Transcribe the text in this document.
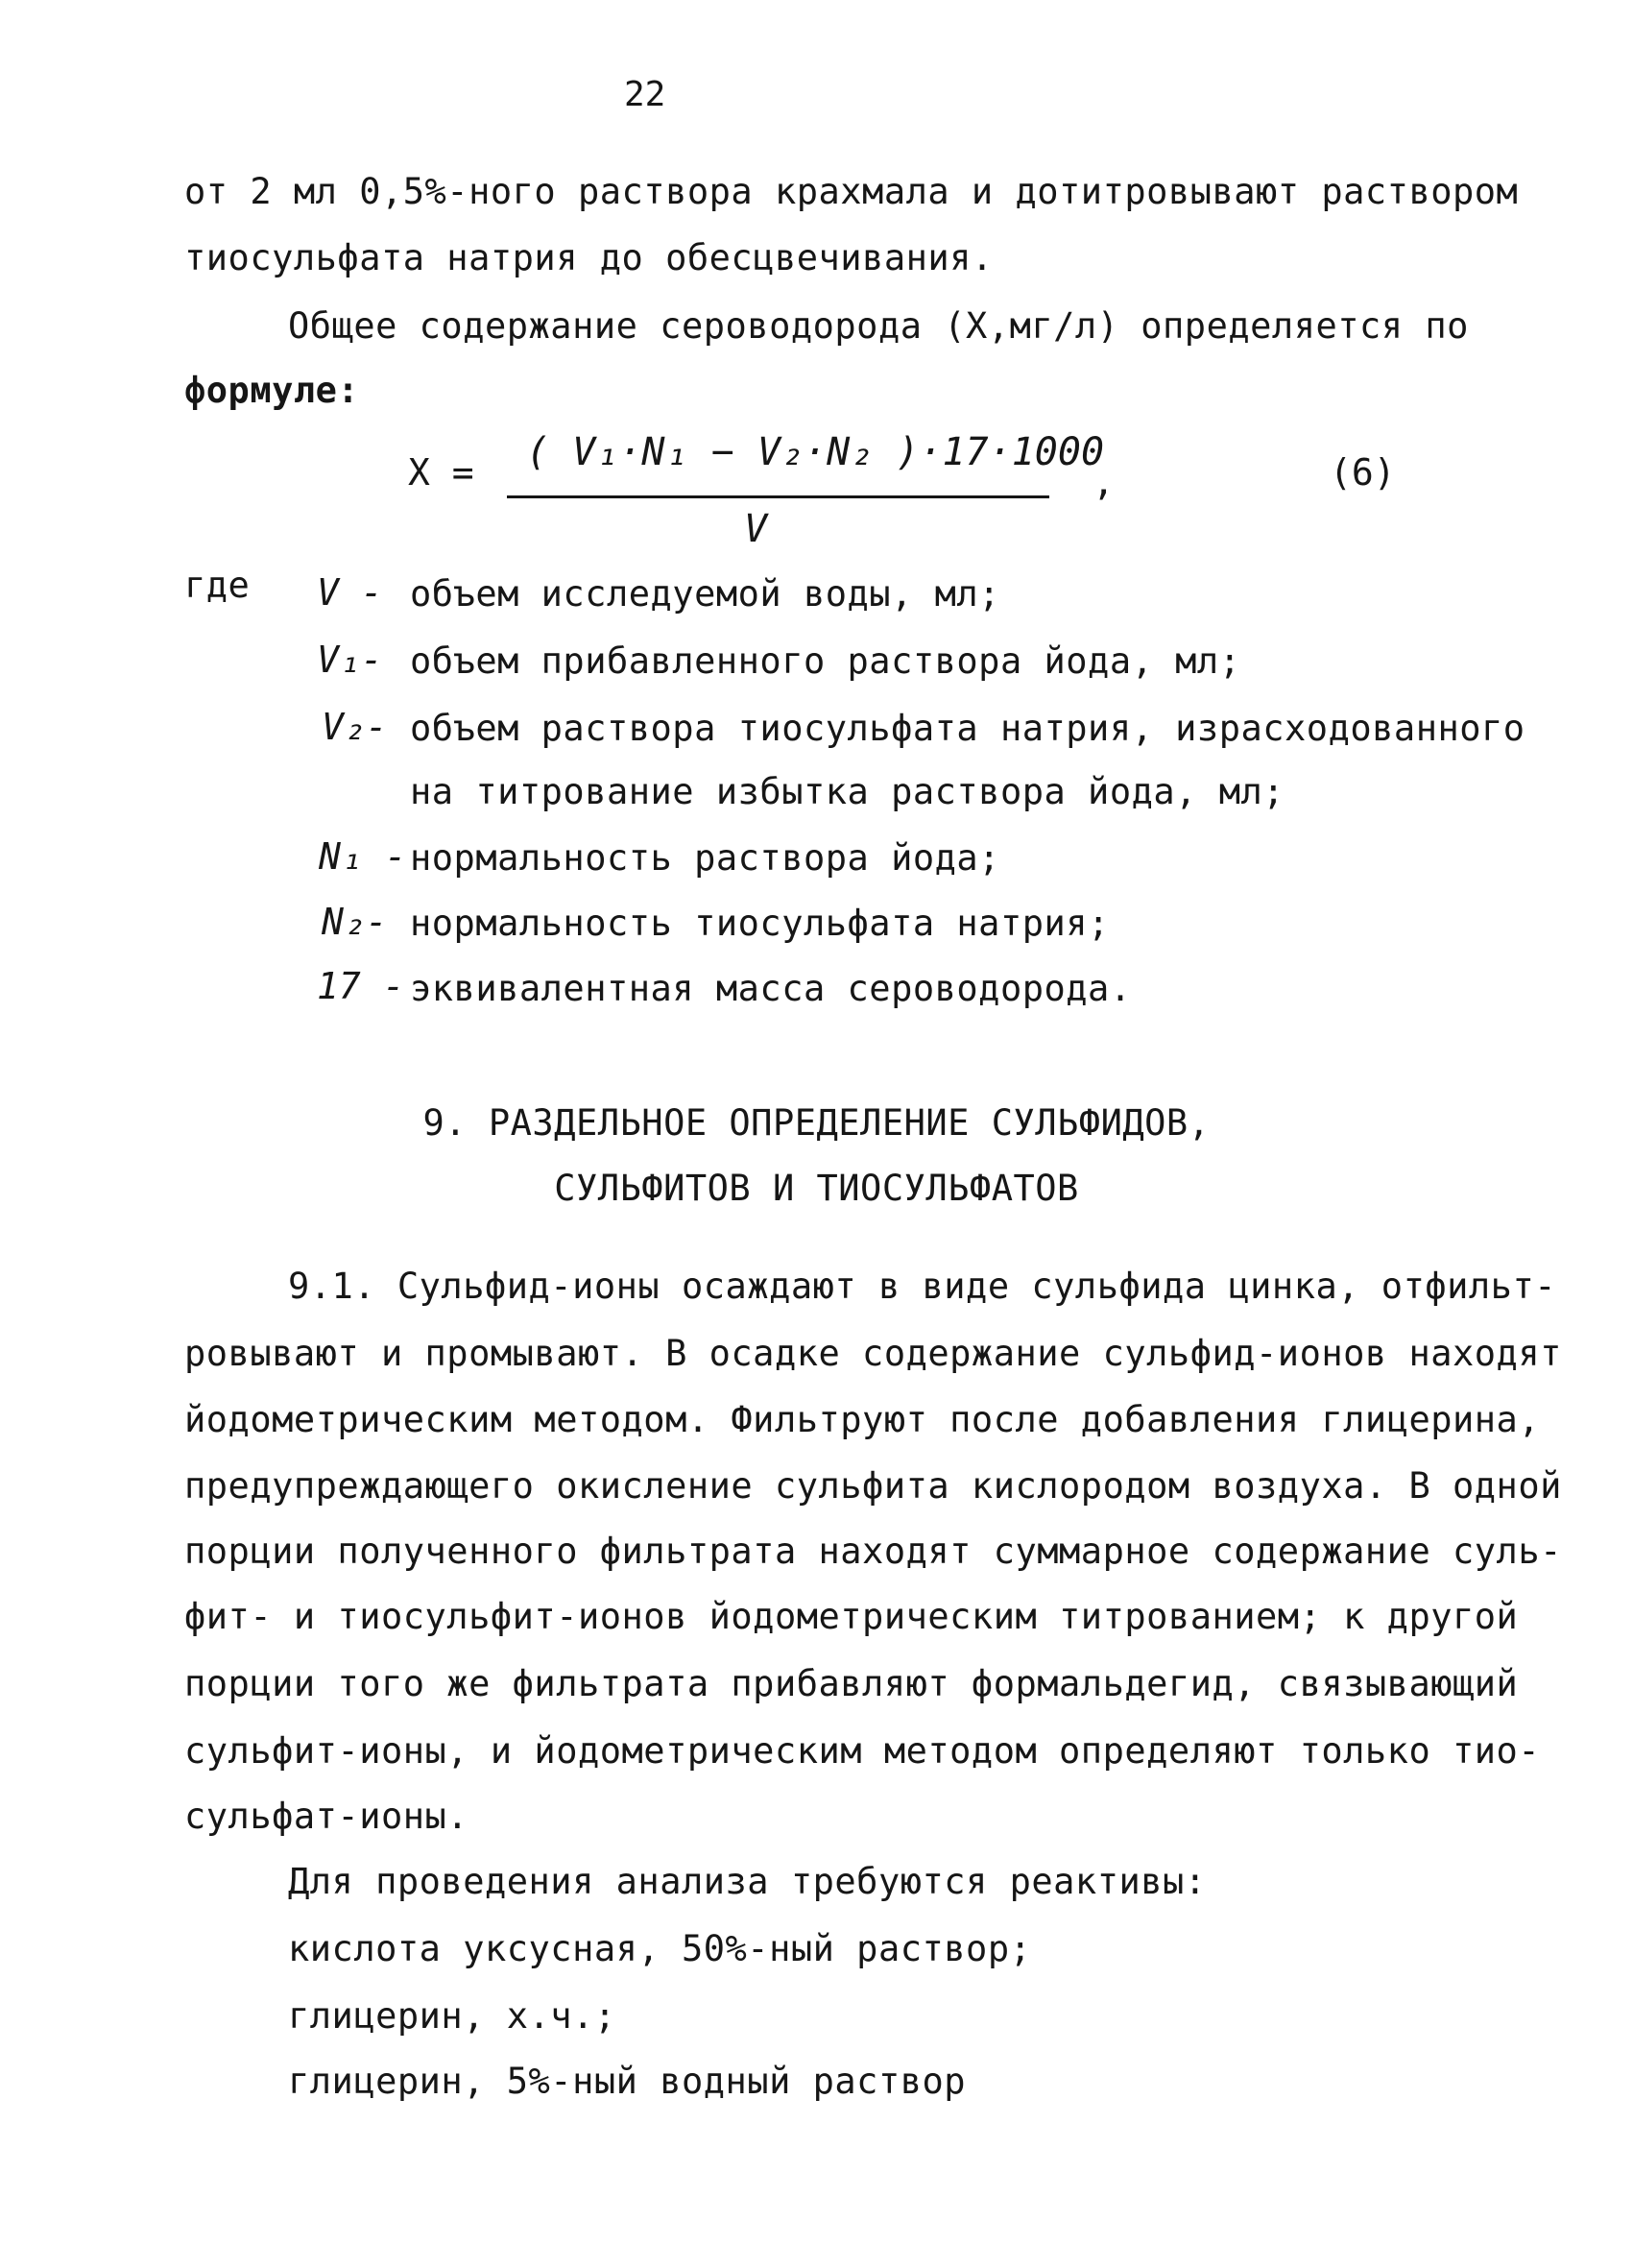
22
от 2 мл 0,5%-ного раствора крахмала и дотитровывают раствором
тиосульфата натрия до обесцвечивания.
Общее содержание сероводорода (X,мг/л) определяется по
формуле:
X = ( V₁·N₁ − V₂·N₂ )·17·1000
V
,	(6)
где V - объем исследуемой воды, мл;
V₁- объем прибавленного раствора йода, мл;
V₂- объем раствора тиосульфата натрия, израсходованного
на титрование избытка раствора йода, мл;
N₁ - нормальность раствора йода;
N₂- нормальность тиосульфата натрия;
17 - эквивалентная масса сероводорода.
9. РАЗДЕЛЬНОЕ ОПРЕДЕЛЕНИЕ СУЛЬФИДОВ,
СУЛЬФИТОВ И ТИОСУЛЬФАТОВ
9.1. Сульфид-ионы осаждают в виде сульфида цинка, отфильт-
ровывают и промывают. В осадке содержание сульфид-ионов находят
йодометрическим методом. Фильтруют после добавления глицерина,
предупреждающего окисление сульфита кислородом воздуха. В одной
порции полученного фильтрата находят суммарное содержание суль-
фит- и тиосульфит-ионов йодометрическим титрованием; к другой
порции того же фильтрата прибавляют формальдегид, связывающий
сульфит-ионы, и йодометрическим методом определяют только тио-
сульфат-ионы.
Для проведения анализа требуются реактивы:
кислота уксусная, 50%-ный раствор;
глицерин, х.ч.;
глицерин, 5%-ный водный раствор
